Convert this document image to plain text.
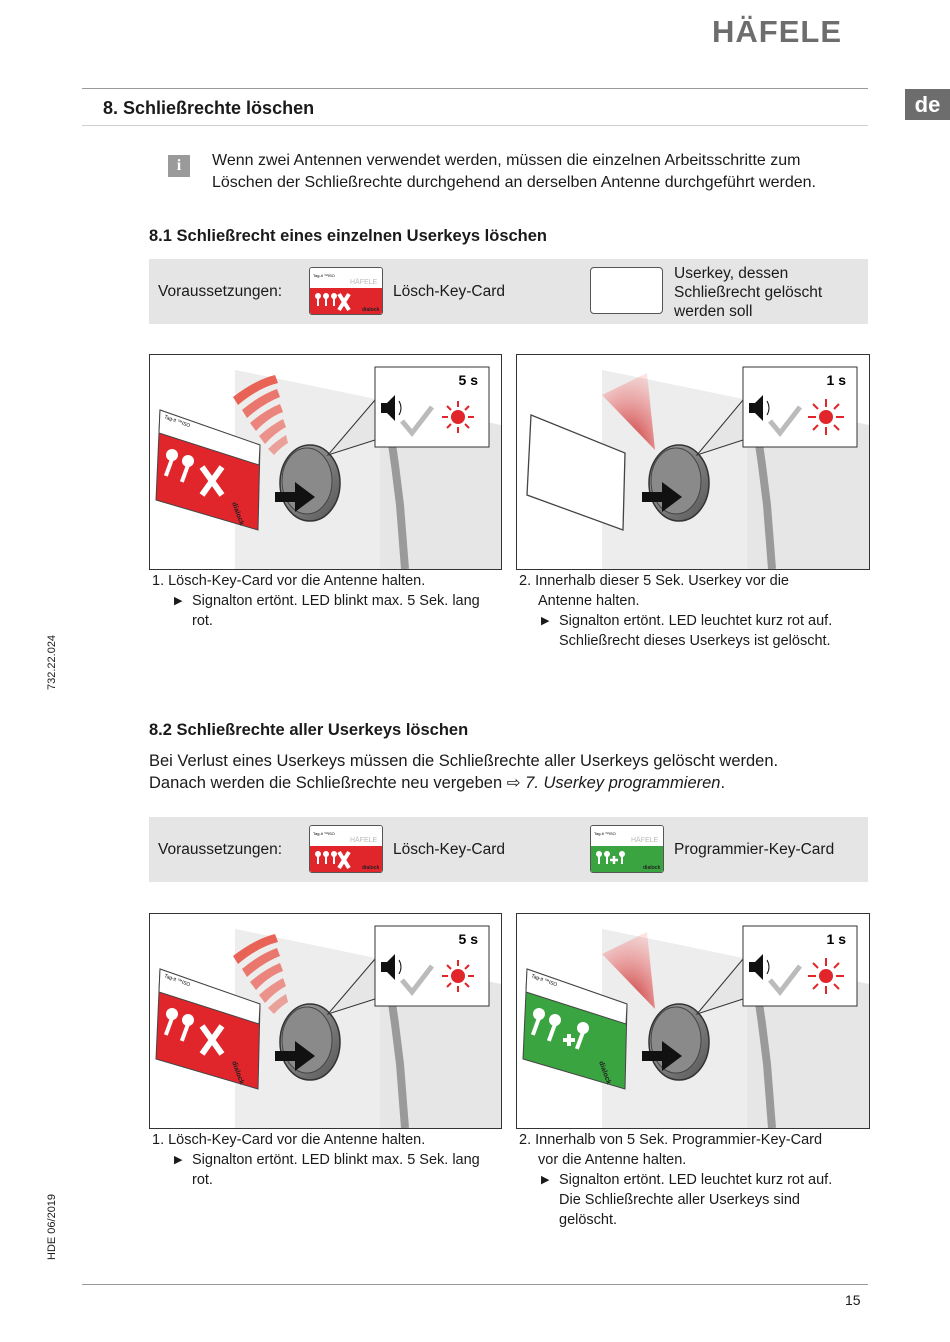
HÄFELE
de
8. Schließrechte löschen
i	Wenn zwei Antennen verwendet werden, müssen die einzelnen Arbeitsschritte zum
Löschen der Schließrechte durchgehend an derselben Antenne durchgeführt werden.
8.1 Schließrecht eines einzelnen Userkeys löschen
Voraussetzungen:
Tag-it ™ISO
HÄFELE
dialock
Lösch-Key-Card
Userkey, dessen
Schließrecht gelöscht
werden soll
Tag-it ™ISO
dialock
5 s	1 s
1. Lösch-Key-Card vor die Antenne halten.
▶ Signalton ertönt. LED blinkt max. 5 Sek. lang
rot.
2. Innerhalb dieser 5 Sek. Userkey vor die
Antenne halten.
▶ Signalton ertönt. LED leuchtet kurz rot auf.
Schließrecht dieses Userkeys ist gelöscht.
732.22.024
8.2 Schließrechte aller Userkeys löschen
Bei Verlust eines Userkeys müssen die Schließrechte aller Userkeys gelöscht werden.
Danach werden die Schließrechte neu vergeben ⇨ 7. Userkey programmieren.
Voraussetzungen:
Tag-it ™ISO
HÄFELE
dialock
Lösch-Key-Card
Tag-it ™ISO
HÄFELE
dialock
Programmier-Key-Card
Tag-it ™ISO
dialock
5 s
Tag-it ™ISO
dialock
1 s
1. Lösch-Key-Card vor die Antenne halten.
▶ Signalton ertönt. LED blinkt max. 5 Sek. lang
rot.
2. Innerhalb von 5 Sek. Programmier-Key-Card
vor die Antenne halten.
▶ Signalton ertönt. LED leuchtet kurz rot auf.
Die Schließrechte aller Userkeys sind
gelöscht.
HDE 06/2019
15
